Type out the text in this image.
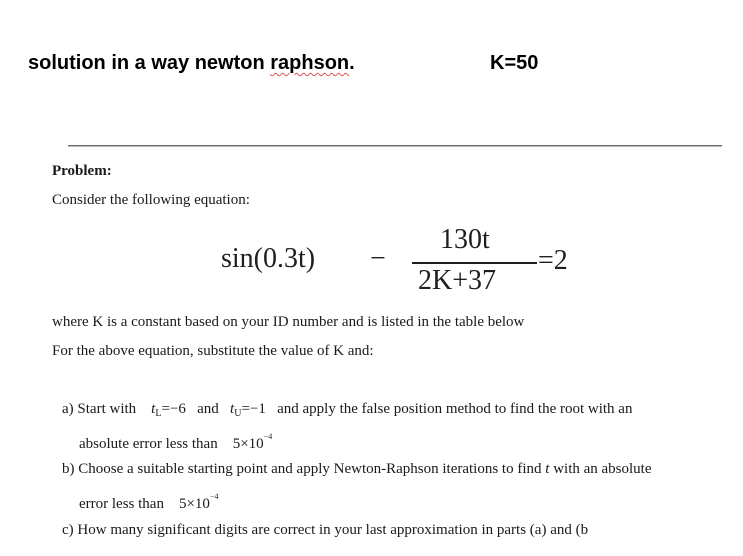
solution in a way newton raphson.	K=50
Problem:
Consider the following equation:
sin(0.3t) −
130t
2K+37
=2
where K is a constant based on your ID number and is listed in the table below
For the above equation, substitute the value of K and:
a) Start with $t_L=-6$ and $t_U=-1$ and apply the false position method to find the root with an
absolute error less than $5\times 10^{-4}$
b) Choose a suitable starting point and apply Newton-Raphson iterations to find t with an absolute
error less than $5\times 10^{-4}$
c) How many significant digits are correct in your last approximation in parts (a) and (b
